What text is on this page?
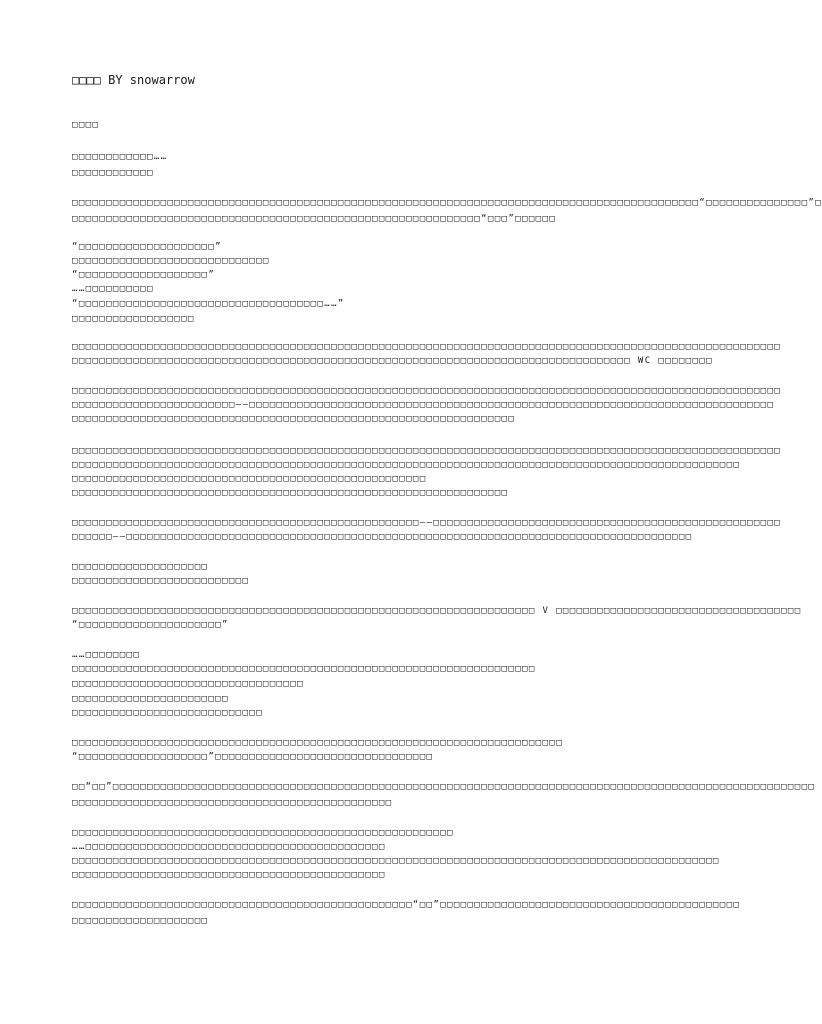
□□□□ BY snowarrow
□□□□
□□□□□□□□□□□□……
□□□□□□□□□□□□
□□□□□□□□□□□□□□□□□□□□□□□□□□□□□□□□□□□□□□□□□□□□□□□□□□□□□□□□□□□□□□□□□□□□□□□□□□□□□□□□□□□□□□□□□□□□“□□□□□□□□□□□□□□□”□
□□□□□□□□□□□□□□□□□□□□□□□□□□□□□□□□□□□□□□□□□□□□□□□□□□□□□□□□□□□□“□□□”□□□□□□
“□□□□□□□□□□□□□□□□□□□□”
□□□□□□□□□□□□□□□□□□□□□□□□□□□□□
“□□□□□□□□□□□□□□□□□□□”
……□□□□□□□□□□
“□□□□□□□□□□□□□□□□□□□□□□□□□□□□□□□□□□□□……”
□□□□□□□□□□□□□□□□□□
□□□□□□□□□□□□□□□□□□□□□□□□□□□□□□□□□□□□□□□□□□□□□□□□□□□□□□□□□□□□□□□□□□□□□□□□□□□□□□□□□□□□□□□□□□□□□□□□□□□□□□□□
□□□□□□□□□□□□□□□□□□□□□□□□□□□□□□□□□□□□□□□□□□□□□□□□□□□□□□□□□□□□□□□□□□□□□□□□□□□□□□□□□□ WC □□□□□□□□
□□□□□□□□□□□□□□□□□□□□□□□□□□□□□□□□□□□□□□□□□□□□□□□□□□□□□□□□□□□□□□□□□□□□□□□□□□□□□□□□□□□□□□□□□□□□□□□□□□□□□□□□
□□□□□□□□□□□□□□□□□□□□□□□□——□□□□□□□□□□□□□□□□□□□□□□□□□□□□□□□□□□□□□□□□□□□□□□□□□□□□□□□□□□□□□□□□□□□□□□□□□□□□□
□□□□□□□□□□□□□□□□□□□□□□□□□□□□□□□□□□□□□□□□□□□□□□□□□□□□□□□□□□□□□□□□□
□□□□□□□□□□□□□□□□□□□□□□□□□□□□□□□□□□□□□□□□□□□□□□□□□□□□□□□□□□□□□□□□□□□□□□□□□□□□□□□□□□□□□□□□□□□□□□□□□□□□□□□□
□□□□□□□□□□□□□□□□□□□□□□□□□□□□□□□□□□□□□□□□□□□□□□□□□□□□□□□□□□□□□□□□□□□□□□□□□□□□□□□□□□□□□□□□□□□□□□□□□□
□□□□□□□□□□□□□□□□□□□□□□□□□□□□□□□□□□□□□□□□□□□□□□□□□□□□
□□□□□□□□□□□□□□□□□□□□□□□□□□□□□□□□□□□□□□□□□□□□□□□□□□□□□□□□□□□□□□□□
□□□□□□□□□□□□□□□□□□□□□□□□□□□□□□□□□□□□□□□□□□□□□□□□□□□——□□□□□□□□□□□□□□□□□□□□□□□□□□□□□□□□□□□□□□□□□□□□□□□□□□□
□□□□□□——□□□□□□□□□□□□□□□□□□□□□□□□□□□□□□□□□□□□□□□□□□□□□□□□□□□□□□□□□□□□□□□□□□□□□□□□□□□□□□□□□□□
□□□□□□□□□□□□□□□□□□□□
□□□□□□□□□□□□□□□□□□□□□□□□□□
□□□□□□□□□□□□□□□□□□□□□□□□□□□□□□□□□□□□□□□□□□□□□□□□□□□□□□□□□□□□□□□□□□□□ V □□□□□□□□□□□□□□□□□□□□□□□□□□□□□□□□□□□□
“□□□□□□□□□□□□□□□□□□□□□”
……□□□□□□□□
□□□□□□□□□□□□□□□□□□□□□□□□□□□□□□□□□□□□□□□□□□□□□□□□□□□□□□□□□□□□□□□□□□□□
□□□□□□□□□□□□□□□□□□□□□□□□□□□□□□□□□□
□□□□□□□□□□□□□□□□□□□□□□□
□□□□□□□□□□□□□□□□□□□□□□□□□□□□
□□□□□□□□□□□□□□□□□□□□□□□□□□□□□□□□□□□□□□□□□□□□□□□□□□□□□□□□□□□□□□□□□□□□□□□□
“□□□□□□□□□□□□□□□□□□□”□□□□□□□□□□□□□□□□□□□□□□□□□□□□□□□□
□□“□□”□□□□□□□□□□□□□□□□□□□□□□□□□□□□□□□□□□□□□□□□□□□□□□□□□□□□□□□□□□□□□□□□□□□□□□□□□□□□□□□□□□□□□□□□□□□□□□□□□□□□□□□
□□□□□□□□□□□□□□□□□□□□□□□□□□□□□□□□□□□□□□□□□□□□□□□
□□□□□□□□□□□□□□□□□□□□□□□□□□□□□□□□□□□□□□□□□□□□□□□□□□□□□□□□
……□□□□□□□□□□□□□□□□□□□□□□□□□□□□□□□□□□□□□□□□□□□□
□□□□□□□□□□□□□□□□□□□□□□□□□□□□□□□□□□□□□□□□□□□□□□□□□□□□□□□□□□□□□□□□□□□□□□□□□□□□□□□□□□□□□□□□□□□□□□□
□□□□□□□□□□□□□□□□□□□□□□□□□□□□□□□□□□□□□□□□□□□□□□
□□□□□□□□□□□□□□□□□□□□□□□□□□□□□□□□□□□□□□□□□□□□□□□□□□“□□”□□□□□□□□□□□□□□□□□□□□□□□□□□□□□□□□□□□□□□□□□□□□
□□□□□□□□□□□□□□□□□□□□
